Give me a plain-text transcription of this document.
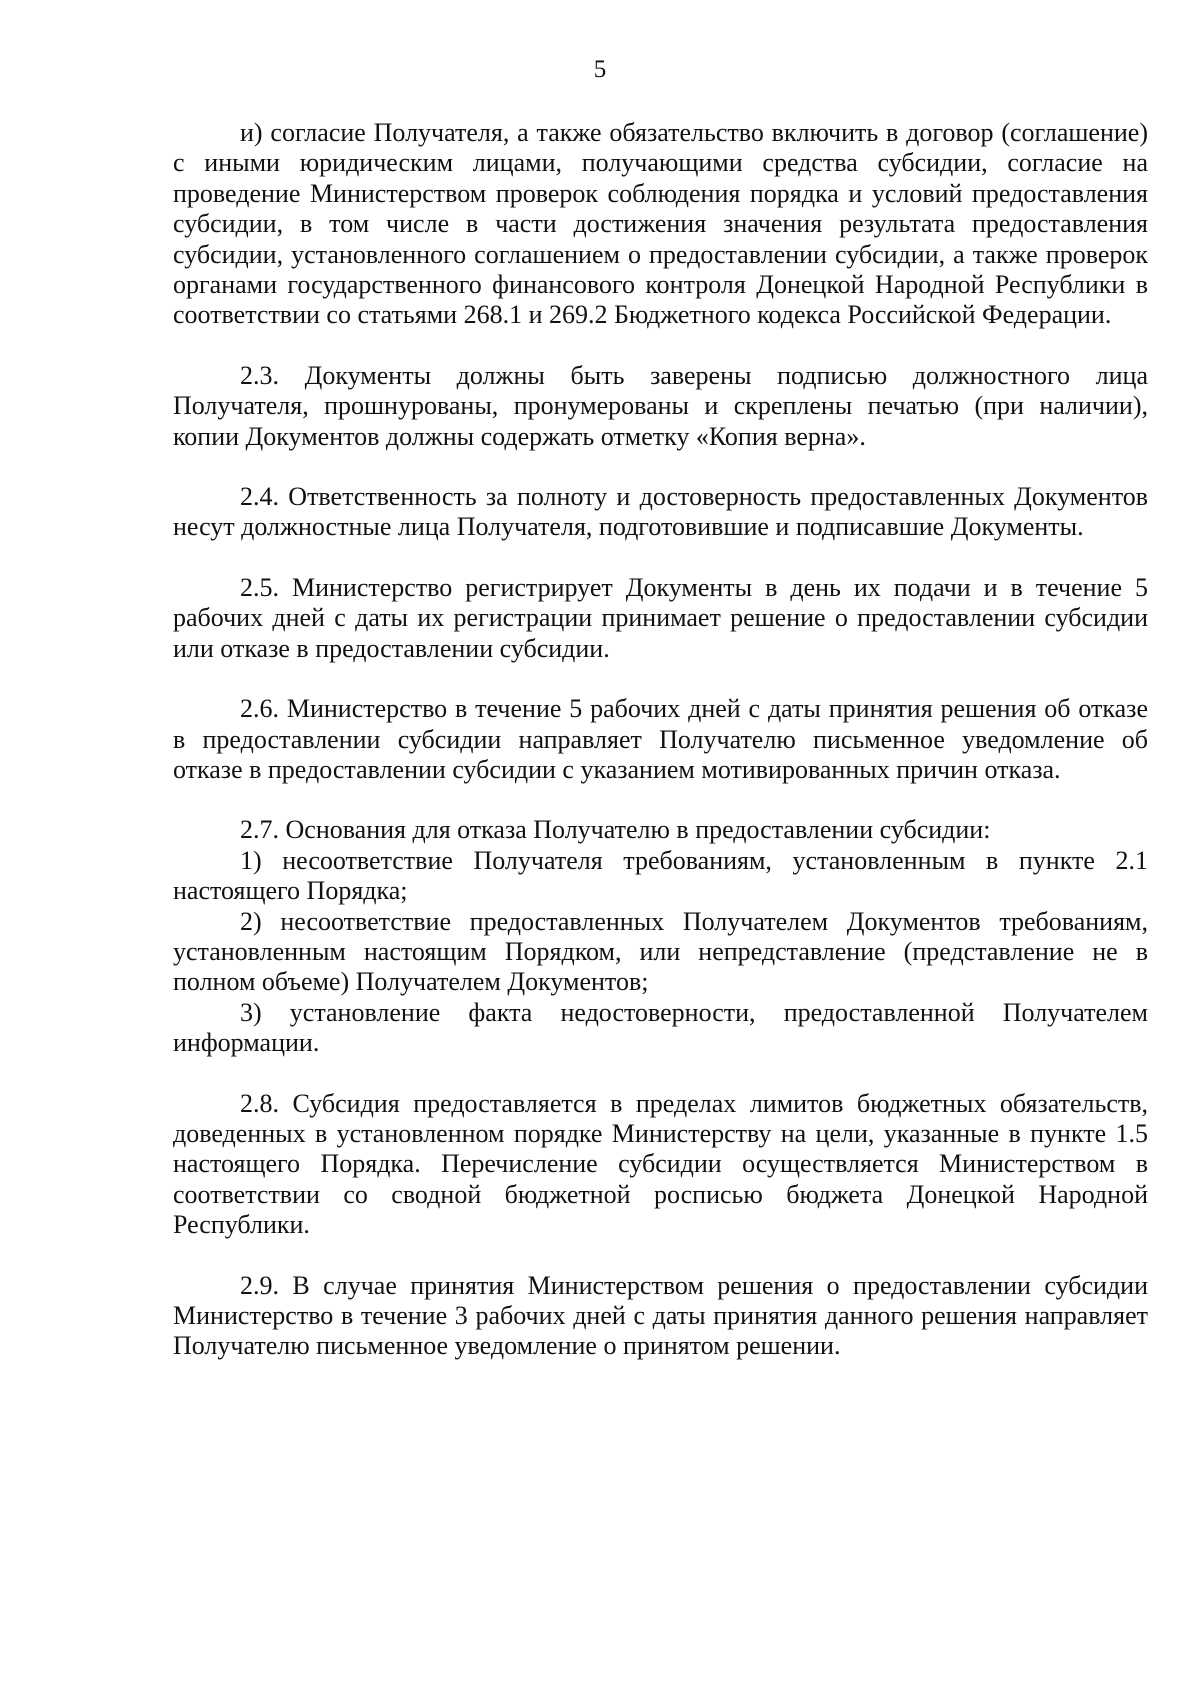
5

и) согласие Получателя, а также обязательство включить в договор (соглашение) с иными юридическим лицами, получающими средства субсидии, согласие на проведение Министерством проверок соблюдения порядка и условий предоставления субсидии, в том числе в части достижения значения результата предоставления субсидии, установленного соглашением о предоставлении субсидии, а также проверок органами государственного финансового контроля Донецкой Народной Республики в соответствии со статьями 268.1 и 269.2 Бюджетного кодекса Российской Федерации.

2.3. Документы должны быть заверены подписью должностного лица Получателя, прошнурованы, пронумерованы и скреплены печатью (при наличии), копии Документов должны содержать отметку «Копия верна».

2.4. Ответственность за полноту и достоверность предоставленных Документов несут должностные лица Получателя, подготовившие и подписавшие Документы.

2.5. Министерство регистрирует Документы в день их подачи и в течение 5 рабочих дней с даты их регистрации принимает решение о предоставлении субсидии или отказе в предоставлении субсидии.

2.6. Министерство в течение 5 рабочих дней с даты принятия решения об отказе в предоставлении субсидии направляет Получателю письменное уведомление об отказе в предоставлении субсидии с указанием мотивированных причин отказа.

2.7. Основания для отказа Получателю в предоставлении субсидии:

1) несоответствие Получателя требованиям, установленным в пункте 2.1 настоящего Порядка;

2) несоответствие предоставленных Получателем Документов требованиям, установленным настоящим Порядком, или непредставление (представление не в полном объеме) Получателем Документов;

3) установление факта недостоверности, предоставленной Получателем информации.

2.8. Субсидия предоставляется в пределах лимитов бюджетных обязательств, доведенных в установленном порядке Министерству на цели, указанные в пункте 1.5 настоящего Порядка. Перечисление субсидии осуществляется Министерством в соответствии со сводной бюджетной росписью бюджета Донецкой Народной Республики.

2.9. В случае принятия Министерством решения о предоставлении субсидии Министерство в течение 3 рабочих дней с даты принятия данного решения направляет Получателю письменное уведомление о принятом решении.
